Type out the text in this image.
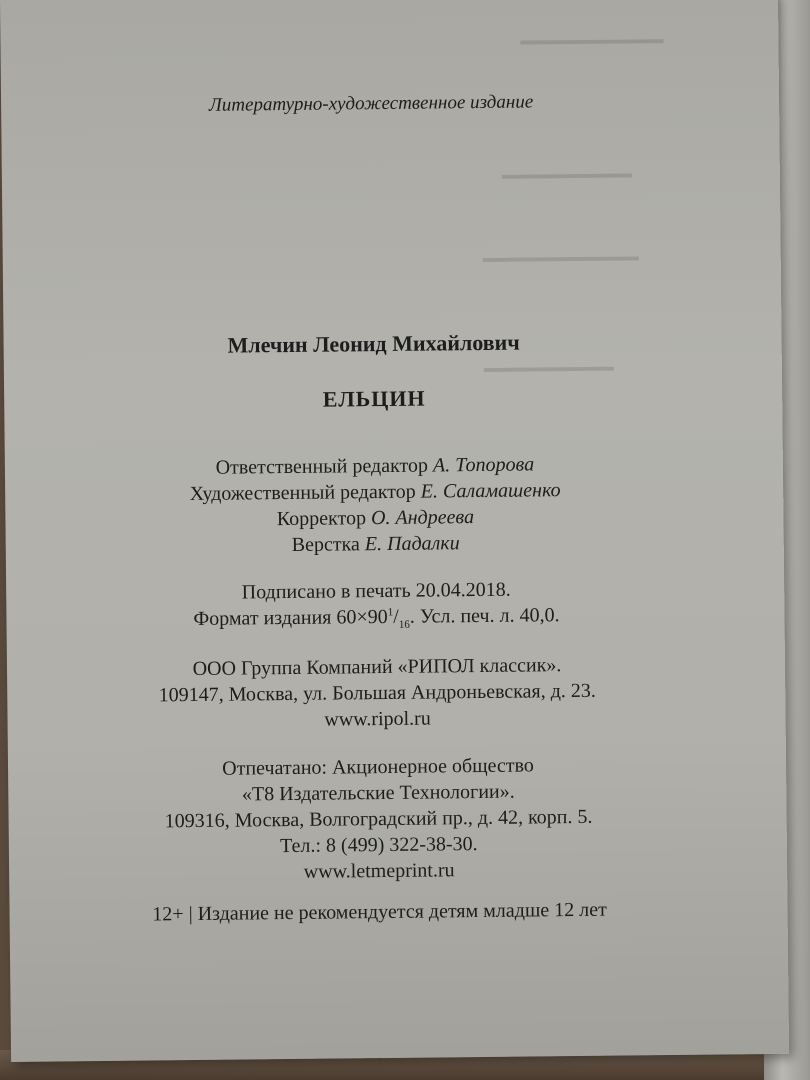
▬▬▬▬▬▬▬▬▬▬▬
▬▬▬▬▬▬▬▬▬▬
▬▬▬▬▬▬▬▬▬▬▬▬
▬▬▬▬▬▬▬▬▬▬
Литературно-художественное издание
Млечин Леонид Михайлович
ЕЛЬЦИН
Ответственный редактор А. Топорова
Художественный редактор Е. Саламашенко
Корректор О. Андреева
Верстка Е. Падалки
Подписано в печать 20.04.2018.
Формат издания $60\times 90^1/_{16}$. Усл. печ. л. 40,0.
ООО Группа Компаний «РИПОЛ классик».
109147, Москва, ул. Большая Андроньевская, д. 23.
www.ripol.ru
Отпечатано: Акционерное общество
«Т8 Издательские Технологии».
109316, Москва, Волгоградский пр., д. 42, корп. 5.
Тел.: 8 (499) 322-38-30.
www.letmeprint.ru
12+ | Издание не рекомендуется детям младше 12 лет
